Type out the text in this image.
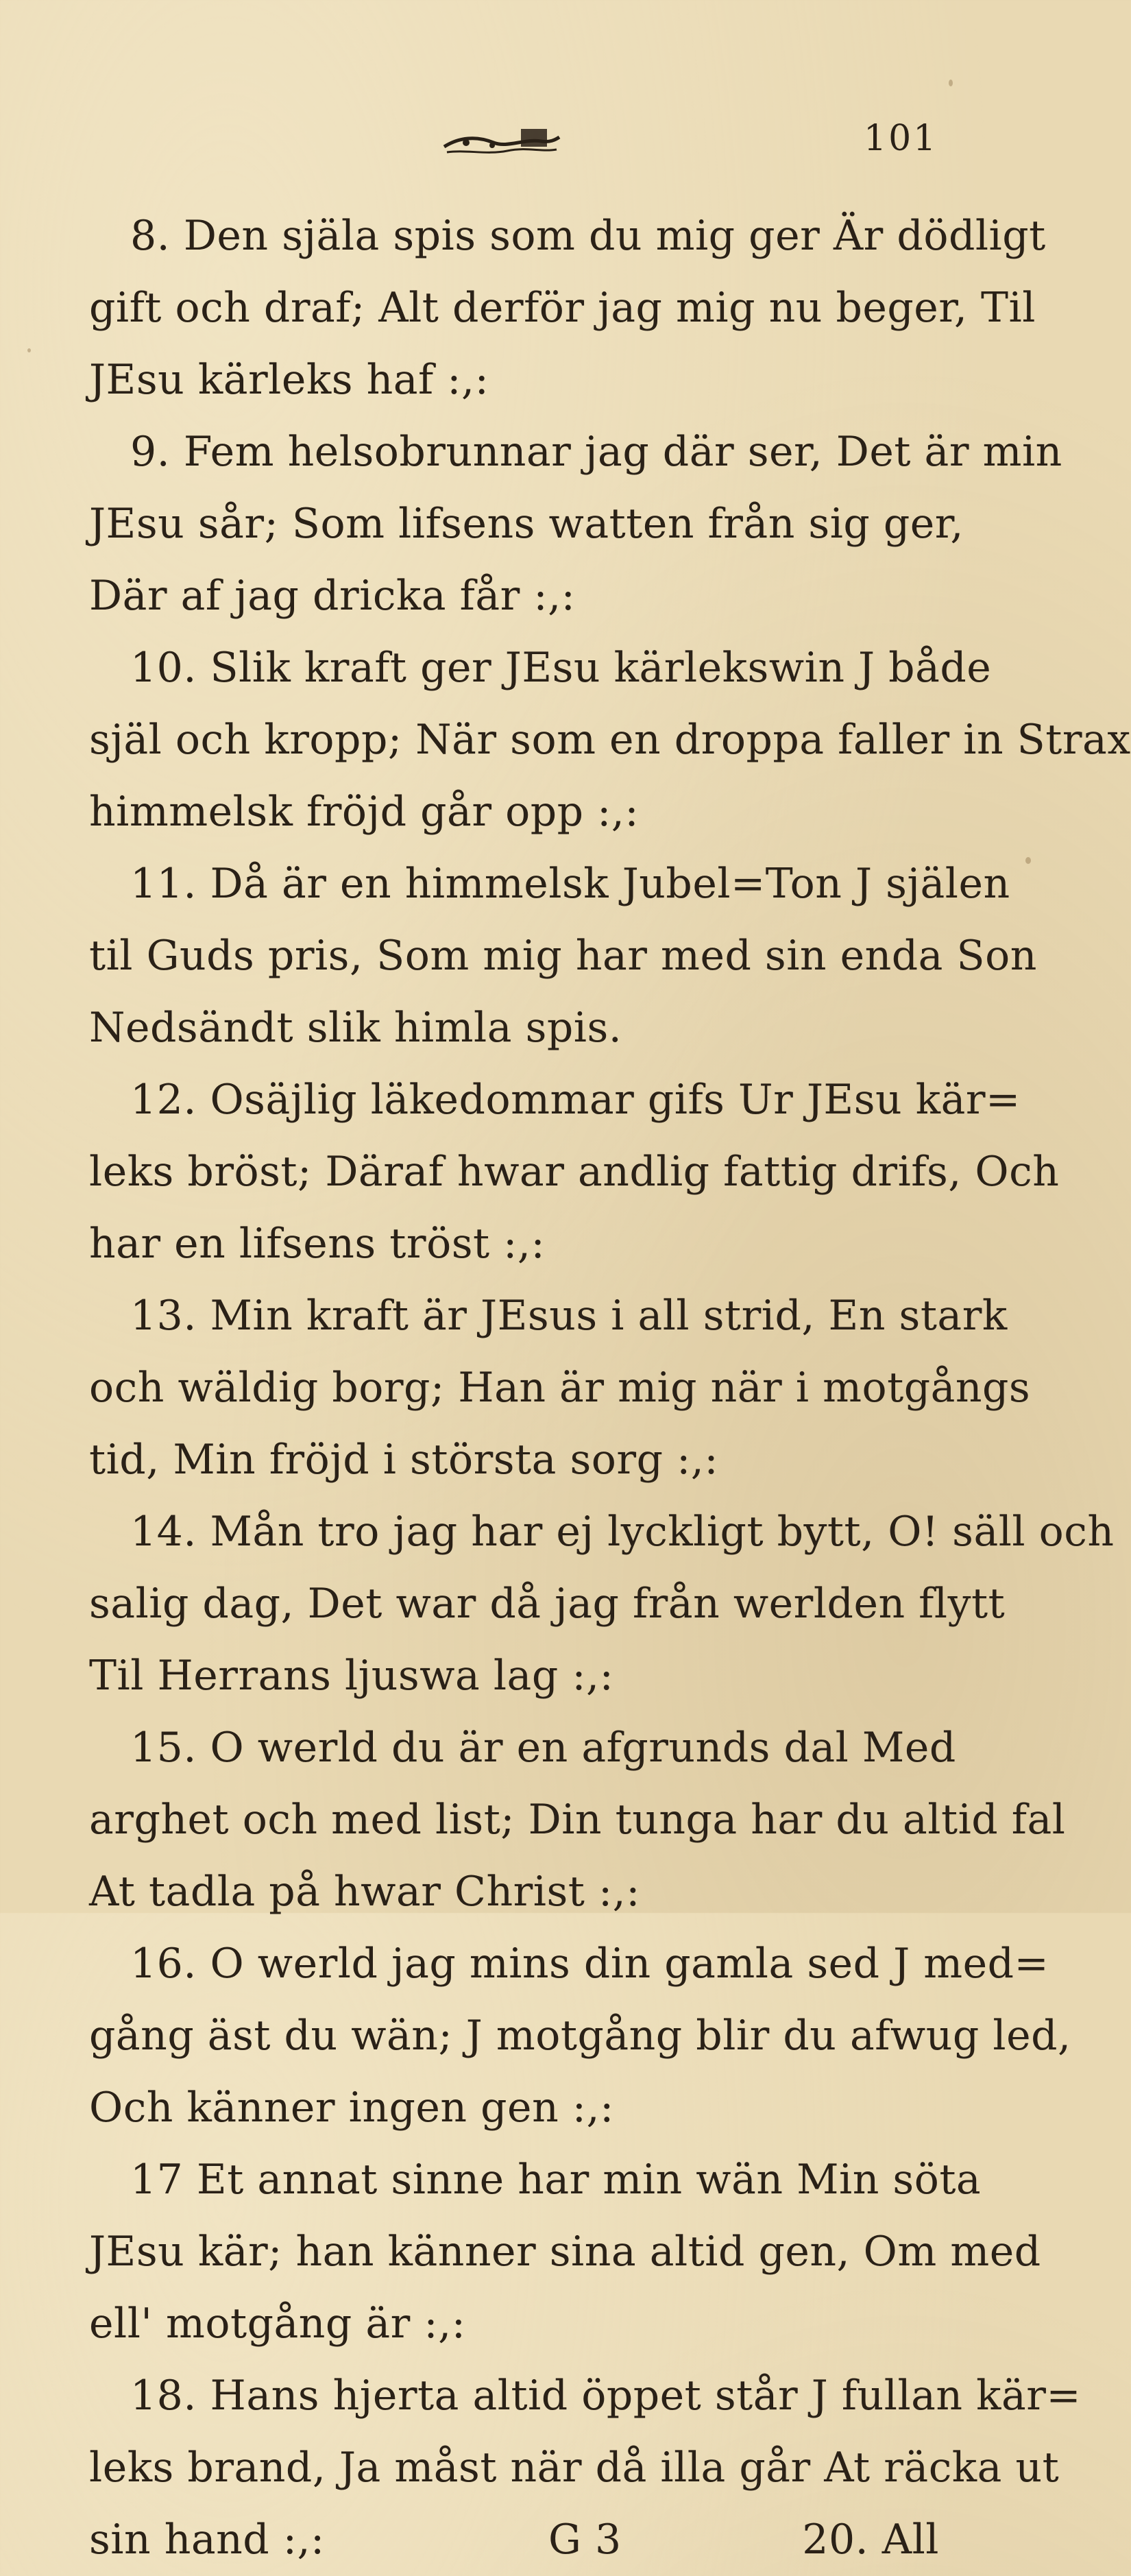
101
8. Den själa spis som du mig ger Är dödligt
gift och draf; Alt derför jag mig nu beger, Til
JEsu kärleks haf :,:
9. Fem helsobrunnar jag där ser, Det är min
JEsu sår; Som lifsens watten från sig ger,
Där af jag dricka får :,:
10. Slik kraft ger JEsu kärlekswin J både
själ och kropp; När som en droppa faller in Strax
himmelsk fröjd går opp :,:
11. Då är en himmelsk Jubel=Ton J själen
til Guds pris, Som mig har med sin enda Son
Nedsändt slik himla spis.
12. Osäjlig läkedommar gifs Ur JEsu kär=
leks bröst; Däraf hwar andlig fattig drifs, Och
har en lifsens tröst :,:
13. Min kraft är JEsus i all strid, En stark
och wäldig borg; Han är mig när i motgångs
tid, Min fröjd i största sorg :,:
14. Mån tro jag har ej lyckligt bytt, O! säll och
salig dag, Det war då jag från werlden flytt
Til Herrans ljuswa lag :,:
15. O werld du är en afgrunds dal Med
arghet och med list; Din tunga har du altid fal
At tadla på hwar Christ :,:
16. O werld jag mins din gamla sed J med=
gång äst du wän; J motgång blir du afwug led,
Och känner ingen gen :,:
17 Et annat sinne har min wän Min söta
JEsu kär; han känner sina altid gen, Om med
ell' motgång är :,:
18. Hans hjerta altid öppet står J fullan kär=
leks brand, Ja måst när då illa går At räcka ut
sin hand :,:	G 3	20. All
